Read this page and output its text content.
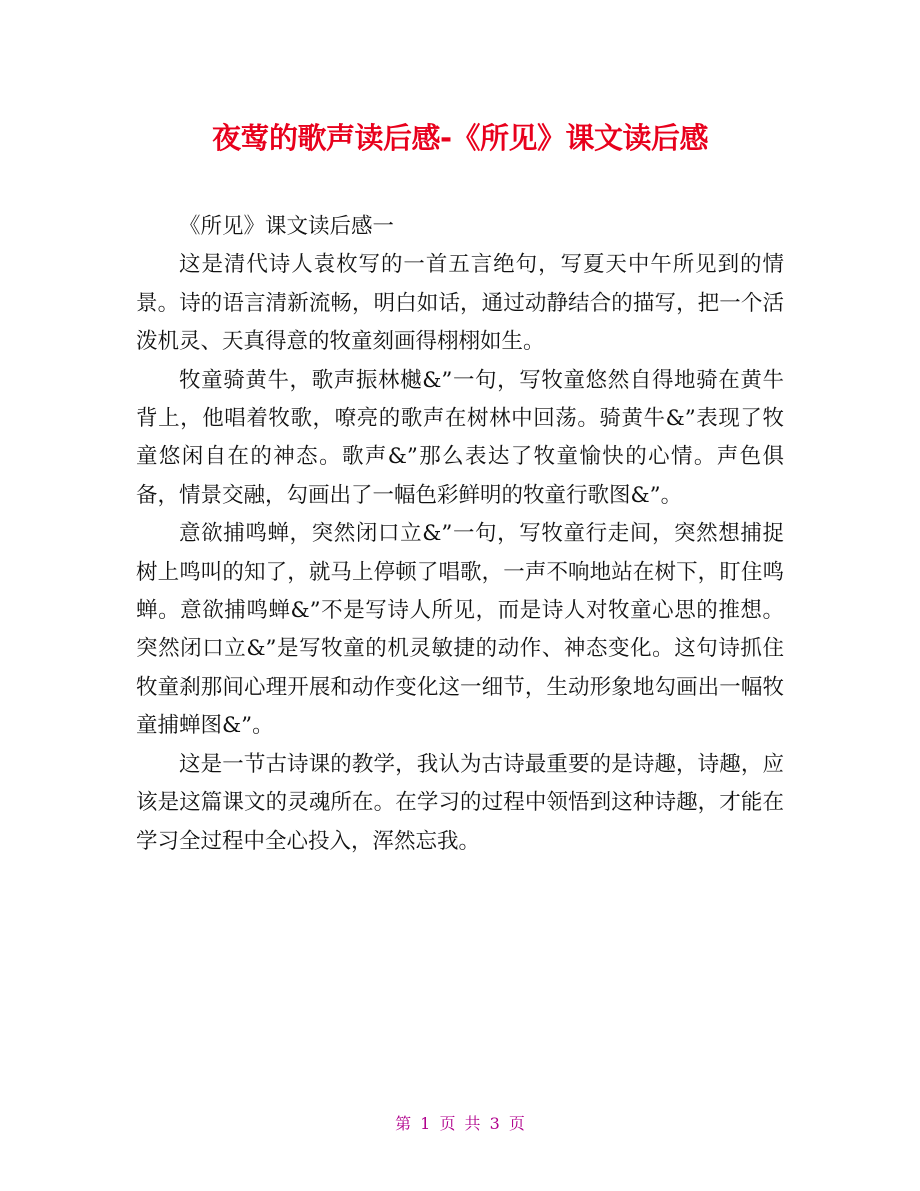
夜莺的歌声读后感-《所见》课文读后感

《所见》课文读后感一

这是清代诗人袁枚写的一首五言绝句，写夏天中午所见到的情景。诗的语言清新流畅，明白如话，通过动静结合的描写，把一个活泼机灵、天真得意的牧童刻画得栩栩如生。

牧童骑黄牛，歌声振林樾&”一句，写牧童悠然自得地骑在黄牛背上，他唱着牧歌，嘹亮的歌声在树林中回荡。骑黄牛&”表现了牧童悠闲自在的神态。歌声&”那么表达了牧童愉快的心情。声色俱备，情景交融，勾画出了一幅色彩鲜明的牧童行歌图&”。

意欲捕鸣蝉，突然闭口立&”一句，写牧童行走间，突然想捕捉树上鸣叫的知了，就马上停顿了唱歌，一声不响地站在树下，盯住鸣蝉。意欲捕鸣蝉&”不是写诗人所见，而是诗人对牧童心思的推想。突然闭口立&”是写牧童的机灵敏捷的动作、神态变化。这句诗抓住牧童刹那间心理开展和动作变化这一细节，生动形象地勾画出一幅牧童捕蝉图&”。

这是一节古诗课的教学，我认为古诗最重要的是诗趣，诗趣，应该是这篇课文的灵魂所在。在学习的过程中领悟到这种诗趣，才能在学习全过程中全心投入，浑然忘我。

第 1 页 共 3 页
